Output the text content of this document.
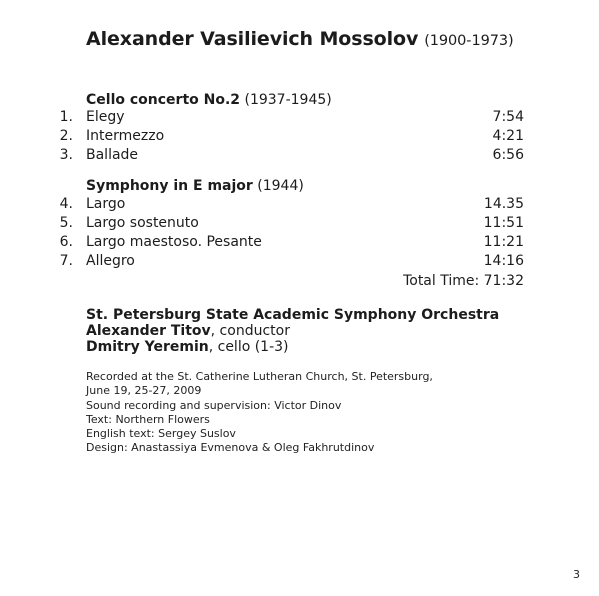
Alexander Vasilievich Mossolov (1900-1973)
Cello concerto No.2 (1937-1945)
1. Elegy	7:54
2. Intermezzo	4:21
3. Ballade	6:56
Symphony in E major (1944)
4. Largo	14.35
5. Largo sostenuto	11:51
6. Largo maestoso. Pesante	11:21
7. Allegro	14:16
Total Time: 71:32
St. Petersburg State Academic Symphony Orchestra
Alexander Titov, conductor
Dmitry Yeremin, cello (1-3)
Recorded at the St. Catherine Lutheran Church, St. Petersburg,
June 19, 25-27, 2009
Sound recording and supervision: Victor Dinov
Text: Northern Flowers
English text: Sergey Suslov
Design: Anastassiya Evmenova & Oleg Fakhrutdinov
3
